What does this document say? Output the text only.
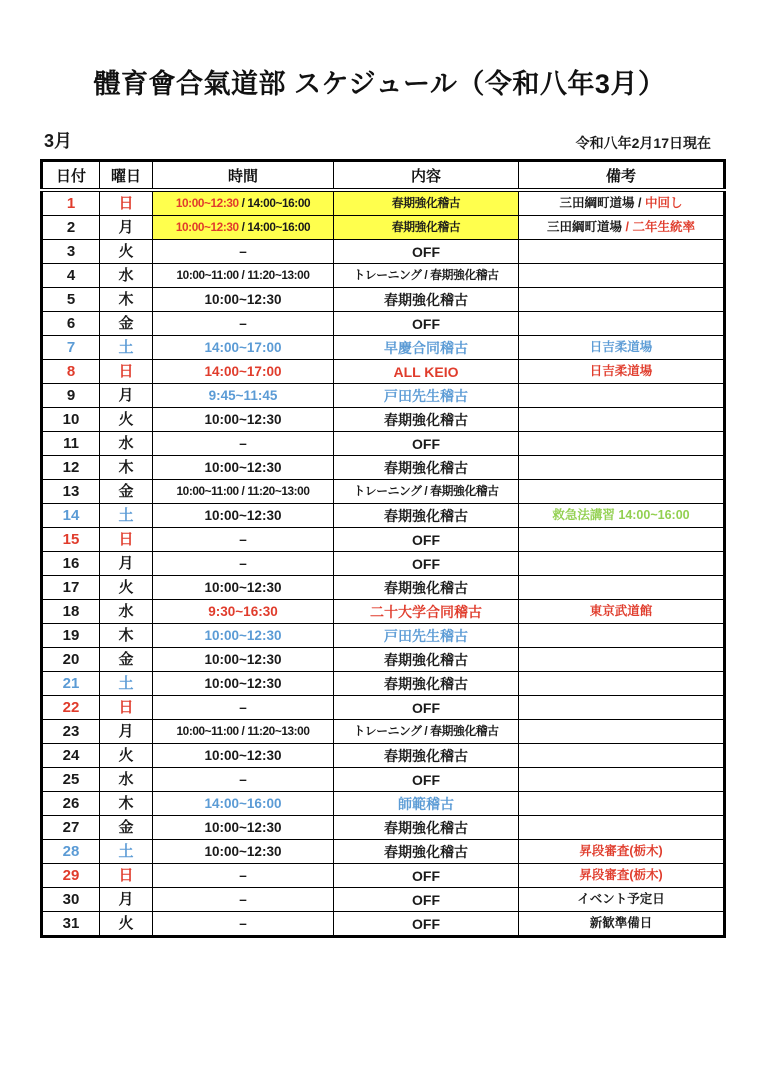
體育會合氣道部 スケジュール（令和八年3月）
3月	令和八年2月17日現在
日付	曜日	時間	内容	備考
1	日	10:00~12:30 / 14:00~16:00	春期強化稽古	三田綱町道場 / 中回し
2	月	10:00~12:30 / 14:00~16:00	春期強化稽古	三田綱町道場 / 二年生統率
3	火	–	OFF	
4	水	10:00~11:00 / 11:20~13:00	トレーニング / 春期強化稽古	
5	木	10:00~12:30	春期強化稽古	
6	金	–	OFF	
7	土	14:00~17:00	早慶合同稽古	日吉柔道場
8	日	14:00~17:00	ALL KEIO	日吉柔道場
9	月	9:45~11:45	戸田先生稽古	
10	火	10:00~12:30	春期強化稽古	
11	水	–	OFF	
12	木	10:00~12:30	春期強化稽古	
13	金	10:00~11:00 / 11:20~13:00	トレーニング / 春期強化稽古	
14	土	10:00~12:30	春期強化稽古	救急法講習 14:00~16:00
15	日	–	OFF	
16	月	–	OFF	
17	火	10:00~12:30	春期強化稽古	
18	水	9:30~16:30	二十大学合同稽古	東京武道館
19	木	10:00~12:30	戸田先生稽古	
20	金	10:00~12:30	春期強化稽古	
21	土	10:00~12:30	春期強化稽古	
22	日	–	OFF	
23	月	10:00~11:00 / 11:20~13:00	トレーニング / 春期強化稽古	
24	火	10:00~12:30	春期強化稽古	
25	水	–	OFF	
26	木	14:00~16:00	師範稽古	
27	金	10:00~12:30	春期強化稽古	
28	土	10:00~12:30	春期強化稽古	昇段審査(栃木)
29	日	–	OFF	昇段審査(栃木)
30	月	–	OFF	イベント予定日
31	火	–	OFF	新歓準備日
